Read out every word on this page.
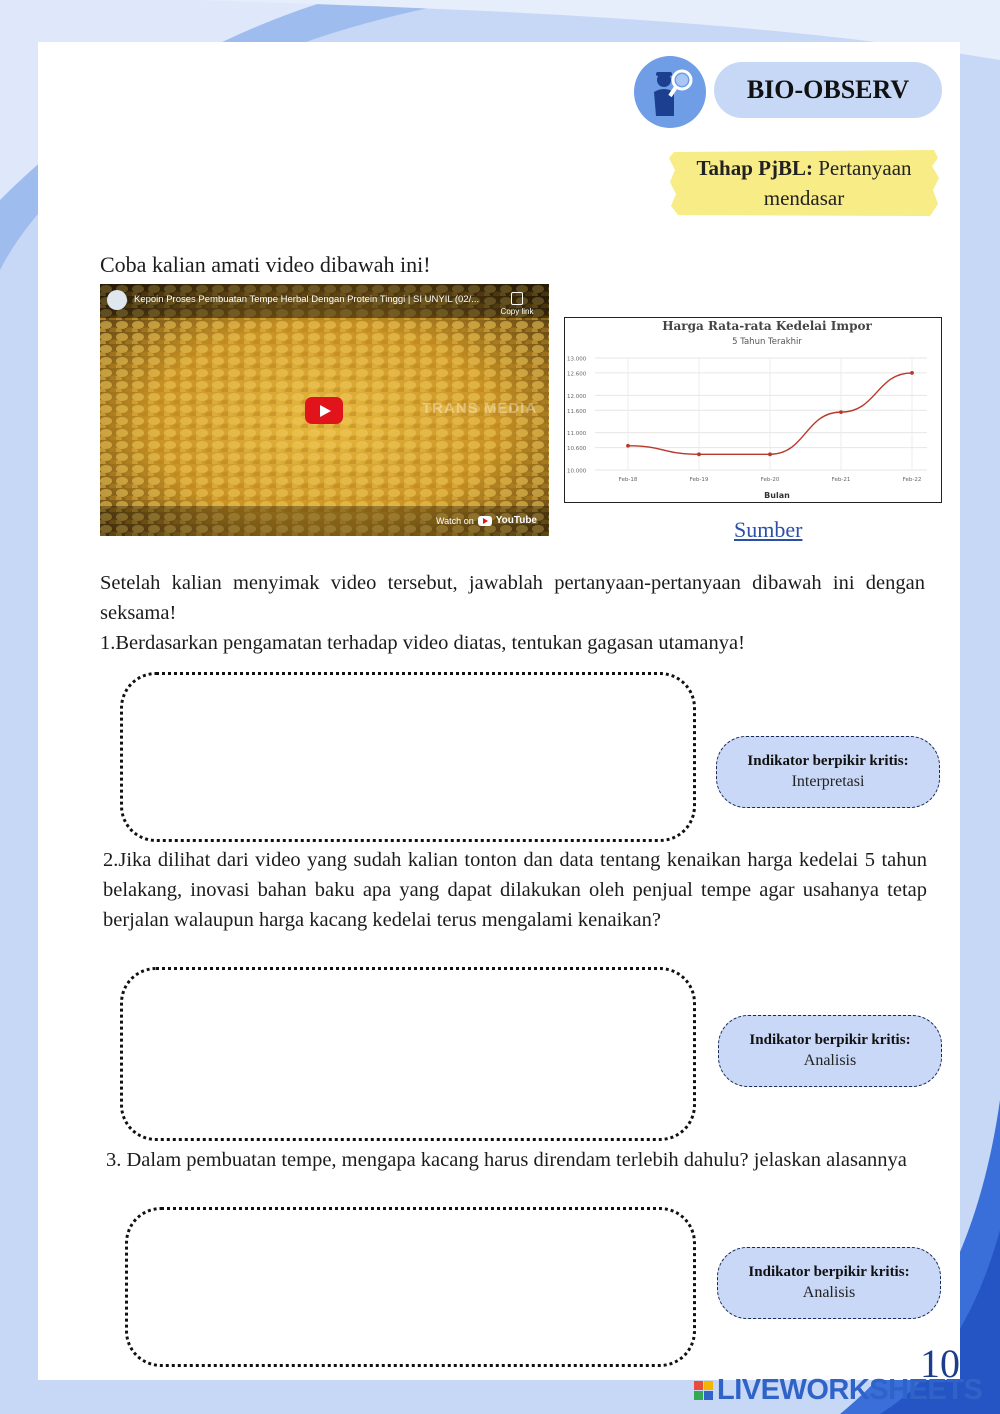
BIO-OBSERV
Tahap PjBL: Pertanyaan mendasar
Coba kalian amati video dibawah ini!
Kepoin Proses Pembuatan Tempe Herbal Dengan Protein Tinggi | SI UNYIL (02/...
Copy link
TRANS MEDIA
Watch on YouTube
Harga Rata-rata Kedelai Impor
5 Tahun Terakhir
Bulan
10.000
10.600
11.000
11.600
12.000
12.600
13.000
Feb-18	Feb-19	Feb-20	Feb-21	Feb-22
Sumber

Setelah kalian menyimak video tersebut, jawablah pertanyaan-pertanyaan dibawah ini dengan seksama!

1.Berdasarkan pengamatan terhadap video diatas, tentukan gagasan utamanya!

Indikator berpikir kritis:
Interpretasi

2.Jika dilihat dari video yang sudah kalian tonton dan data tentang kenaikan harga kedelai 5 tahun belakang, inovasi bahan baku apa yang dapat dilakukan oleh penjual tempe agar usahanya tetap berjalan walaupun harga kacang kedelai terus mengalami kenaikan?

Indikator berpikir kritis:
Analisis

3. Dalam pembuatan tempe, mengapa kacang harus direndam terlebih dahulu? jelaskan alasannya

Indikator berpikir kritis:
Analisis
10
LIVEWORKSHEETS
